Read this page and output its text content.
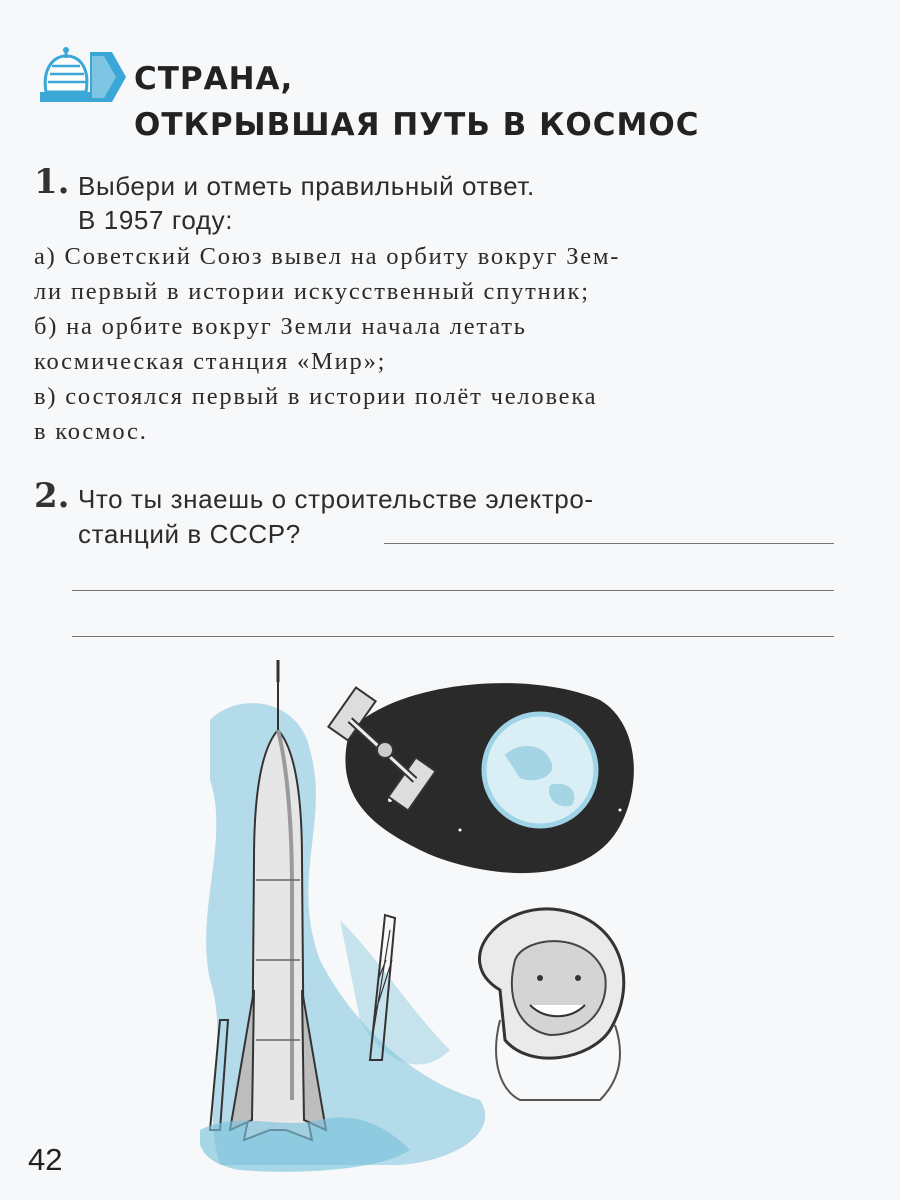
СТРАНА,
ОТКРЫВШАЯ ПУТЬ В КОСМОС
1. Выбери и отметь правильный ответ.
В 1957 году:
а) Советский Союз вывел на орбиту вокруг Зем-
ли первый в истории искусственный спутник;
б) на орбите вокруг Земли начала летать
космическая станция «Мир»;
в) состоялся первый в истории полёт человека
в космос.
2. Что ты знаешь о строительстве электро-
станций в СССР?
42
